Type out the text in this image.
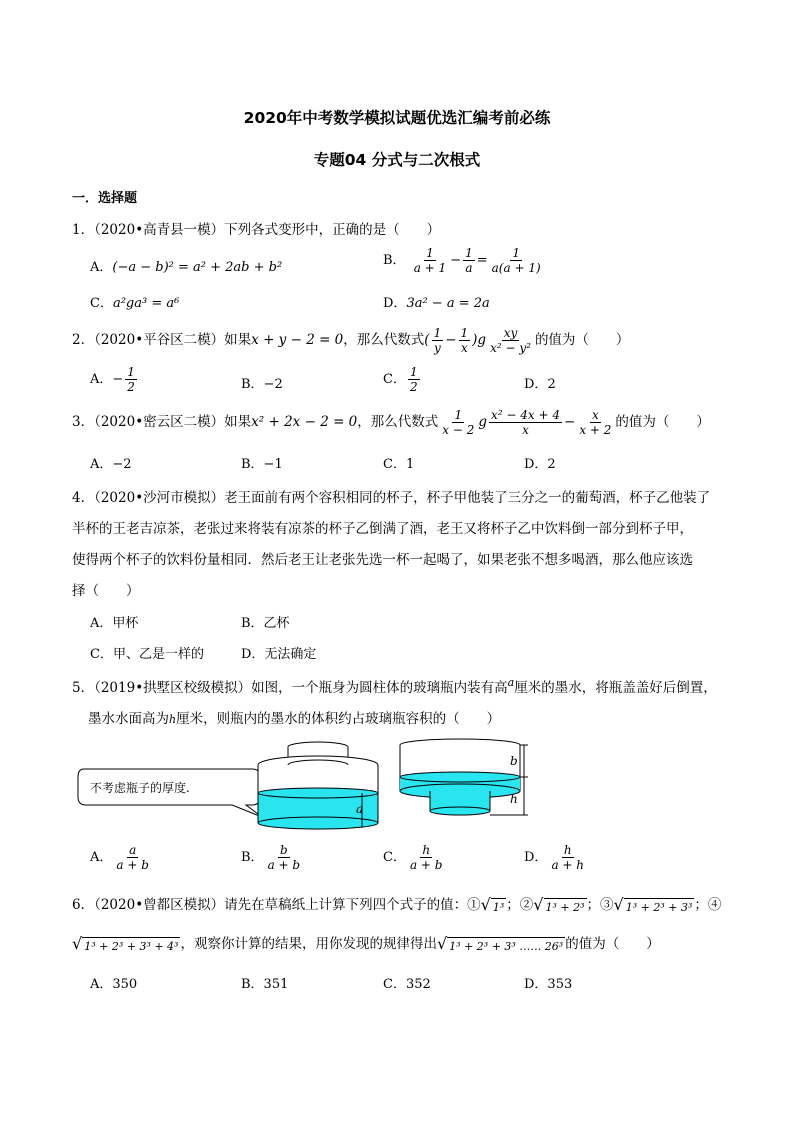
2020年中考数学模拟试题优选汇编考前必练
专题04 分式与二次根式
一．选择题
1．（2020•高青县一模）下列各式变形中，正确的是（　　）
A．(−a − b)² = a² + 2ab + b²	B． $\frac{1}{a + 1} - \frac{1}{a} = \frac{1}{a(a + 1)}$
C．a²ga³ = a⁶	D．3a² − a = 2a
2．（2020•平谷区二模）如果x + y − 2 = 0，那么代数式( $\frac{1}{y} - \frac{1}{x} )g \frac{xy}{\text{x² − y²}}$ 的值为（　　）
A．− $\frac{1}{2}$	B．−2	C． $\frac{1}{2}$	D．2
3．（2020•密云区二模）如果x² + 2x − 2 = 0，那么代数式 $\frac{1}{x - 2}$ g $\frac{\text{x² − 4x + 4}}{x} - \frac{x}{x + 2}$ 的值为（　　）
A．−2	B．−1	C．1	D．2
4．（2020•沙河市模拟）老王面前有两个容积相同的杯子，杯子甲他装了三分之一的葡萄酒，杯子乙他装了
半杯的王老吉凉茶，老张过来将装有凉茶的杯子乙倒满了酒，老王又将杯子乙中饮料倒一部分到杯子甲，
使得两个杯子的饮料份量相同．然后老王让老张先选一杯一起喝了，如果老张不想多喝酒，那么他应该选
择（　　）
A．甲杯	B．乙杯
C．甲、乙是一样的	D．无法确定
5．（2019•拱墅区校级模拟）如图，一个瓶身为圆柱体的玻璃瓶内装有高$^a$厘米的墨水，将瓶盖盖好后倒置，
墨水水面高为h厘米，则瓶内的墨水的体积约占玻璃瓶容积的（　　）
不考虑瓶子的厚度.
a
b
h
A． $\frac{a}{a + b}$	B． $\frac{b}{a + b}$	C． $\frac{h}{a + b}$	D． $\frac{h}{a + h}$
6．（2020•曾都区模拟）请先在草稿纸上计算下列四个式子的值：① √ 1³ ；② √ 1³ + 2³ ；③ √ 1³ + 2³ + 3³ ；④
√ 1³ + 2³ + 3³ + 4³ ，观察你计算的结果，用你发现的规律得出 √ 1³ + 2³ + 3³ …… 26³ 的值为（　　）
A．350	B．351	C．352	D．353
